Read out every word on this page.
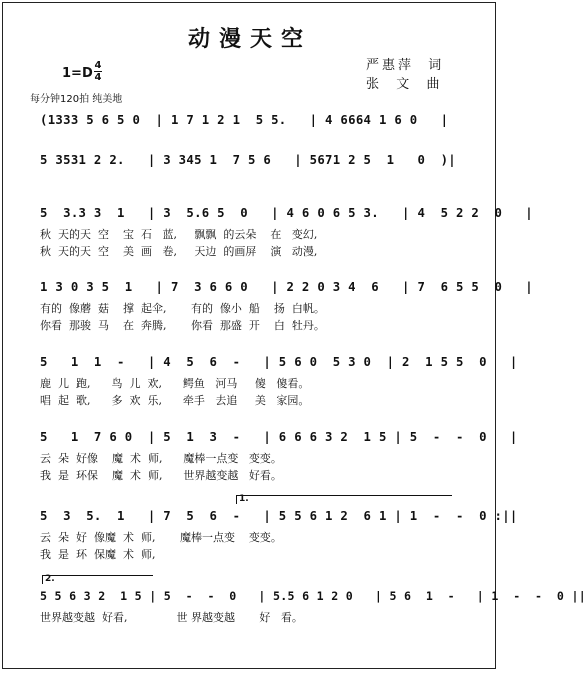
动漫天空
严惠萍  词
张  文  曲
1=D
4
4
每分钟120拍 纯美地
(1333 5 6 5 0  | 1 7 1 2 1  5 5.   | 4 6664 1 6 0   |
5 3531 2 2.   | 3 345 1  7 5 6   | 5671 2 5  1   0  )|
5  3.3 3  1   | 3  5.6 5  0   | 4 6 0 6 5 3.   | 4  5 2 2  0   |
秋  天的天  空    宝  石   蓝,     飘飘  的云朵    在   变幻,
秋  天的天  空    美  画   卷,     天边  的画屏    演   动漫,
1 3 0 3 5  1   | 7  3 6 6 0   | 2 2 0 3 4  6   | 7  6 5 5  0   |
有的  像蘑  菇    撑  起伞,       有的  像小  船    扬  白帆。
你看  那骏  马    在  奔腾,       你看  那盛  开    白  牡丹。
5   1  1  -   | 4  5  6  -   | 5 6 0  5 3 0  | 2  1 5 5  0   |
鹿  儿  跑,      鸟  儿  欢,      鳄鱼   河马     傻   傻看。
唱  起  歌,      多  欢  乐,      牵手   去追     美   家园。
5   1  7 6 0  | 5  1  3  -   | 6 6 6 3 2  1 5 | 5  -  -  0   |
云  朵  好像    魔  术  师,      魔棒一点变   变变。
我  是  环保    魔  术  师,      世界越变越   好看。
1.
5  3  5.  1   | 7  5  6  -   | 5 5 6 1 2  6 1 | 1  -  -  0 :||
云  朵  好  像魔  术  师,       魔棒一点变    变变。
我  是  环  保魔  术  师,
2.
5 5 6 3 2  1 5 | 5  -  -  0   | 5.5 6 1 2 0   | 5 6  1  -   | 1  -  -  0 ||
世界越变越  好看,              世 界越变越       好   看。
